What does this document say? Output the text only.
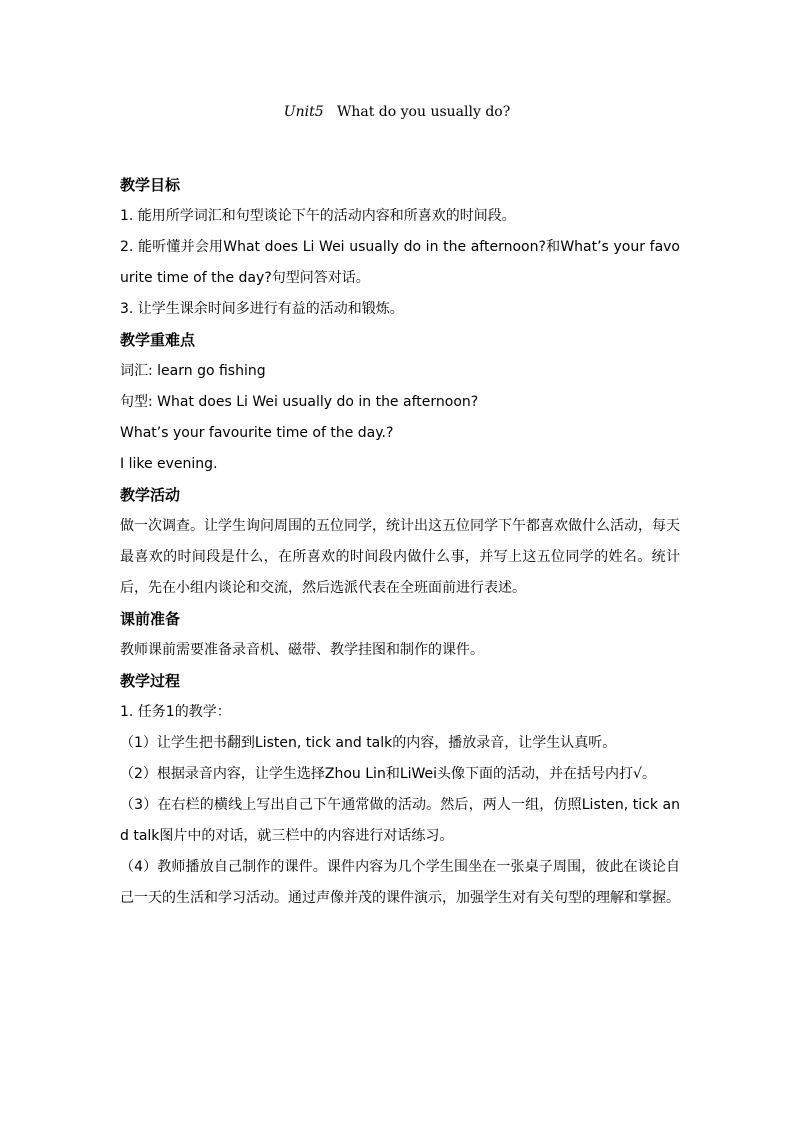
Unit5 What do you usually do?
教学目标
1. 能用所学词汇和句型谈论下午的活动内容和所喜欢的时间段。
2. 能听懂并会用What does Li Wei usually do in the afternoon?和What’s your favourite time of the day?句型问答对话。
3. 让学生课余时间多进行有益的活动和锻炼。
教学重难点
词汇: learn go fishing
句型: What does Li Wei usually do in the afternoon?
What’s your favourite time of the day.?
I like evening.
教学活动
做一次调查。让学生询问周围的五位同学，统计出这五位同学下午都喜欢做什么活动，每天最喜欢的时间段是什么，在所喜欢的时间段内做什么事，并写上这五位同学的姓名。统计后，先在小组内谈论和交流，然后选派代表在全班面前进行表述。
课前准备
教师课前需要准备录音机、磁带、教学挂图和制作的课件。
教学过程
1. 任务1的教学：
（1）让学生把书翻到Listen, tick and talk的内容，播放录音，让学生认真听。
（2）根据录音内容，让学生选择Zhou Lin和LiWei头像下面的活动，并在括号内打√。
（3）在右栏的横线上写出自己下午通常做的活动。然后，两人一组，仿照Listen, tick and talk图片中的对话，就三栏中的内容进行对话练习。
（4）教师播放自己制作的课件。课件内容为几个学生围坐在一张桌子周围，彼此在谈论自己一天的生活和学习活动。通过声像并茂的课件演示，加强学生对有关句型的理解和掌握。
